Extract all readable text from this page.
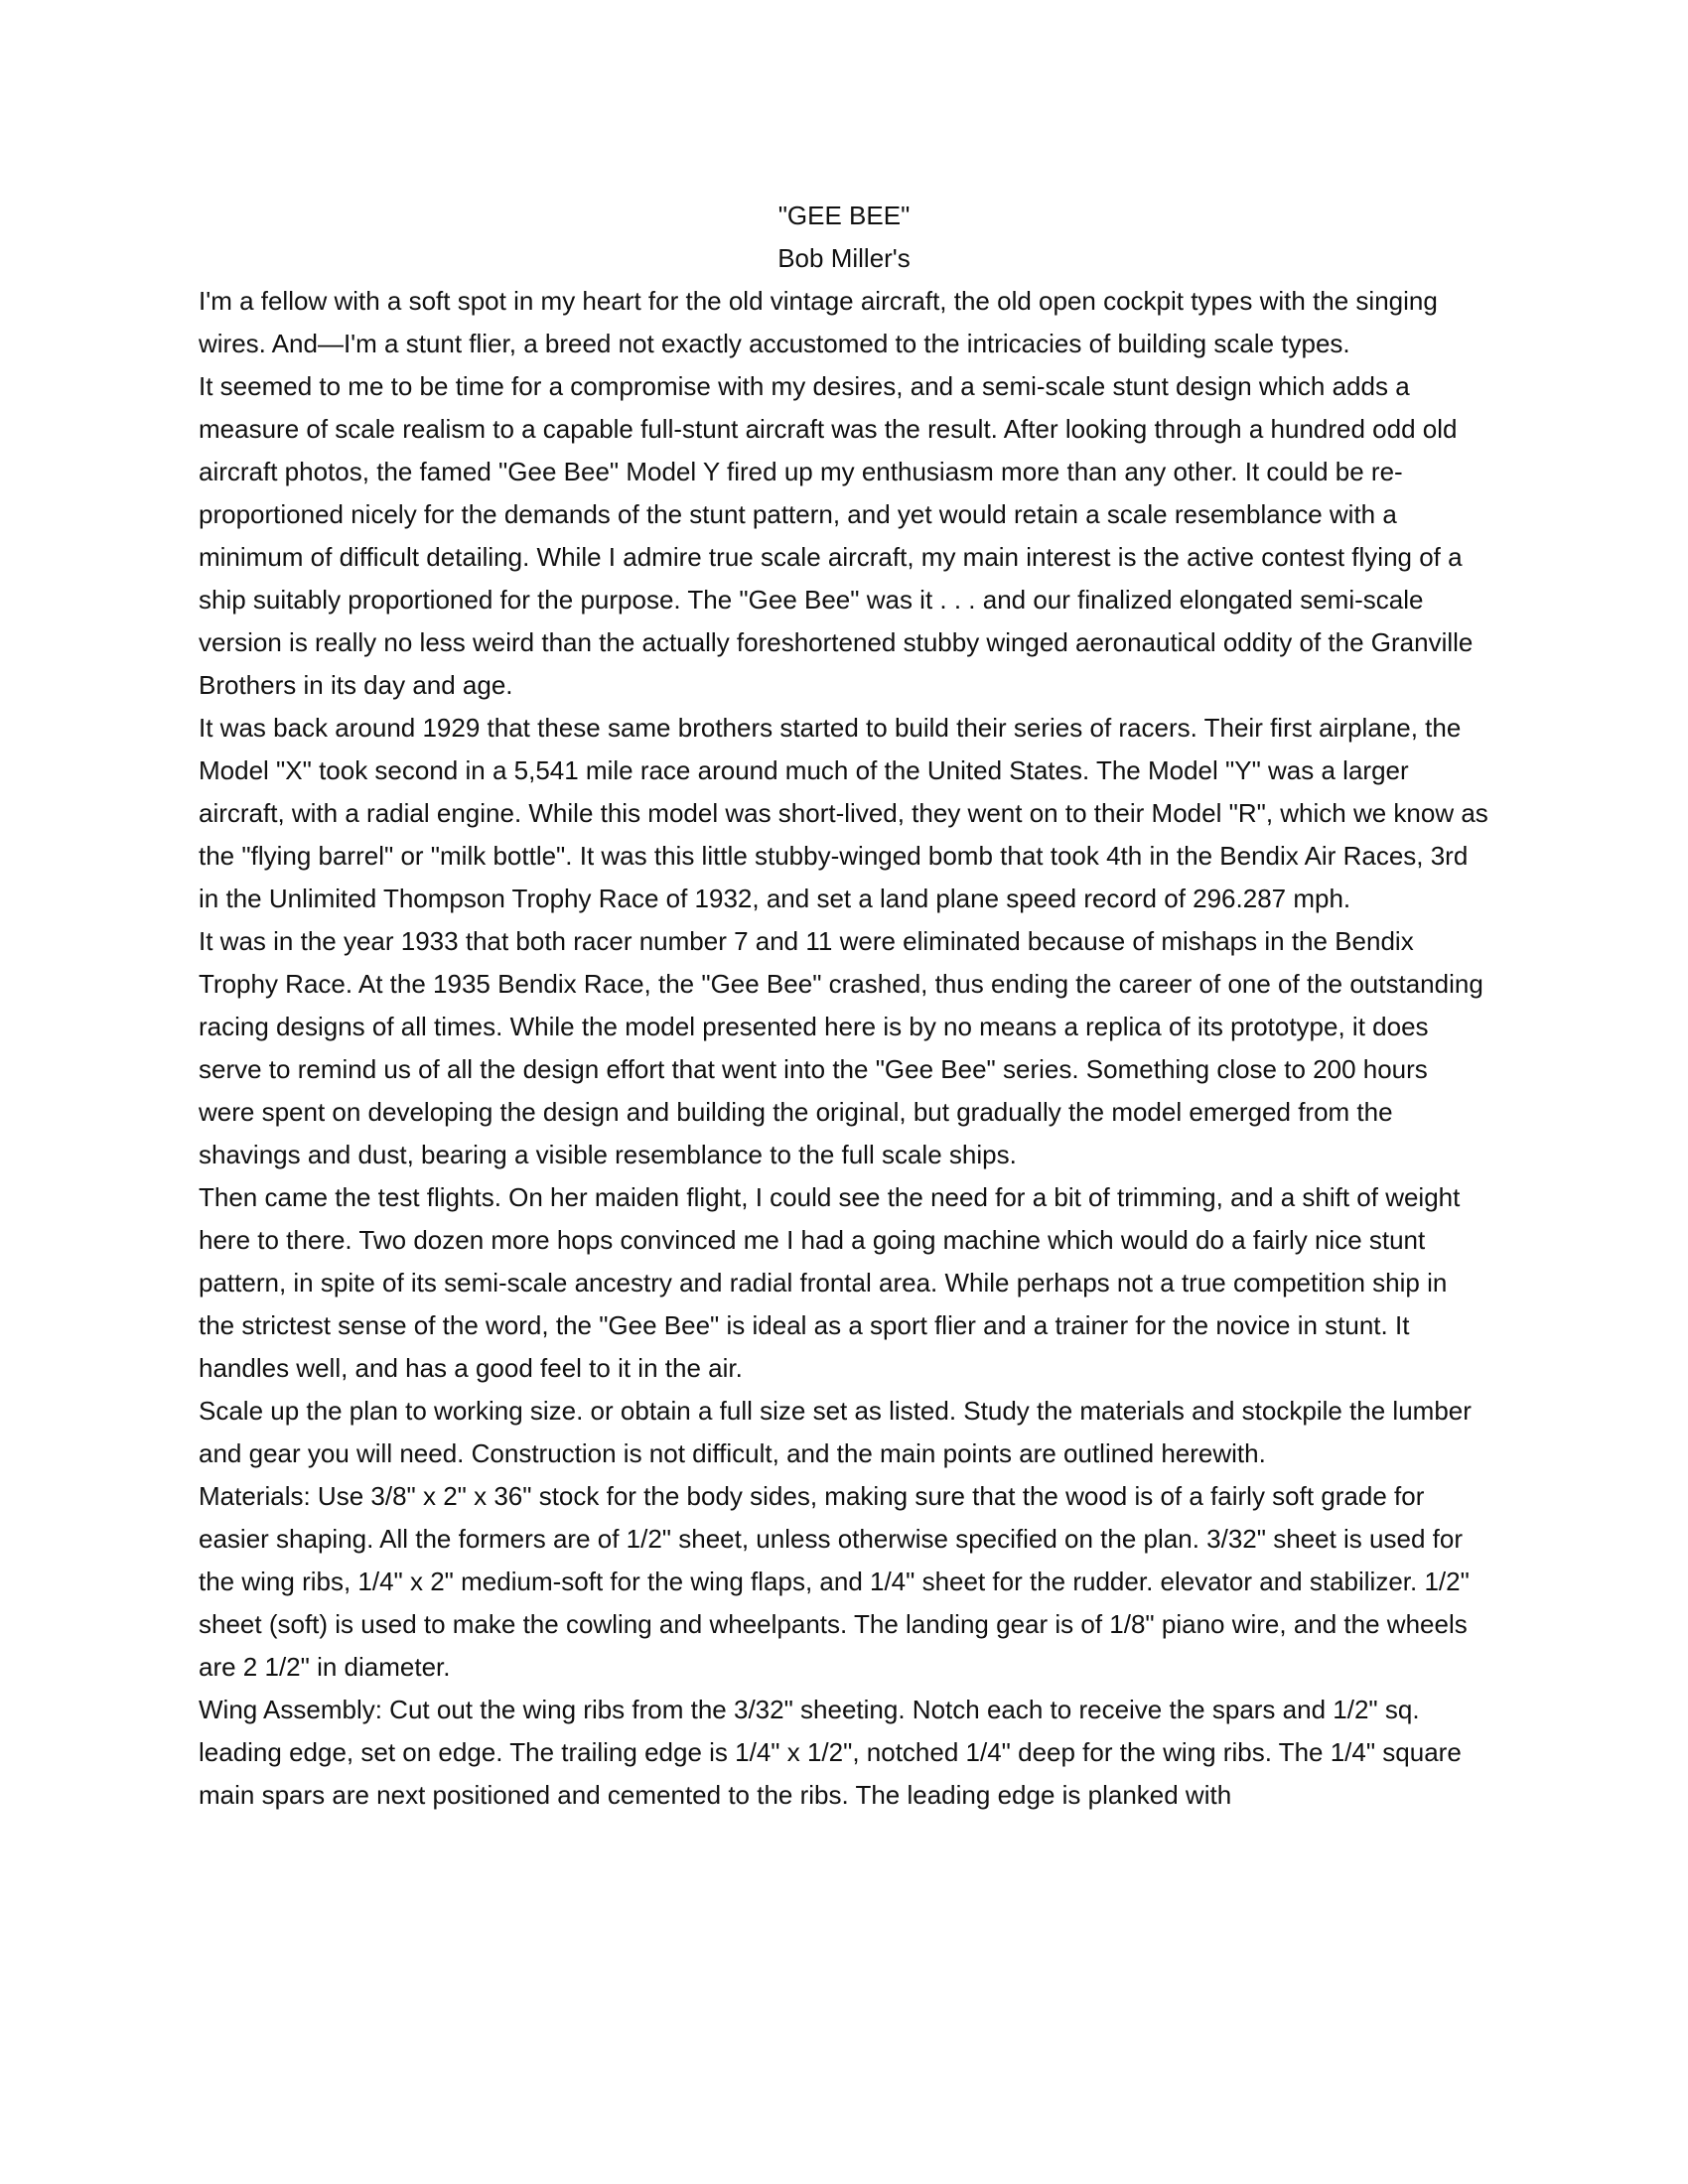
"GEE BEE"

Bob Miller's

I'm a fellow with a soft spot in my heart for the old vintage aircraft, the old open cockpit types with the singing wires. And—I'm a stunt flier, a breed not exactly accustomed to the intricacies of building scale types.

It seemed to me to be time for a compromise with my desires, and a semi-scale stunt design which adds a measure of scale realism to a capable full-stunt aircraft was the result. After looking through a hundred odd old aircraft photos, the famed "Gee Bee" Model Y fired up my enthusiasm more than any other. It could be re-proportioned nicely for the demands of the stunt pattern, and yet would retain a scale resemblance with a minimum of difficult detailing. While I admire true scale aircraft, my main interest is the active contest flying of a ship suitably proportioned for the purpose. The "Gee Bee" was it . . . and our finalized elongated semi-scale version is really no less weird than the actually foreshortened stubby winged aeronautical oddity of the Granville Brothers in its day and age.

It was back around 1929 that these same brothers started to build their series of racers. Their first airplane, the Model "X" took second in a 5,541 mile race around much of the United States. The Model "Y" was a larger aircraft, with a radial engine. While this model was short-lived, they went on to their Model "R", which we know as the "flying barrel" or "milk bottle". It was this little stubby-winged bomb that took 4th in the Bendix Air Races, 3rd in the Unlimited Thompson Trophy Race of 1932, and set a land plane speed record of 296.287 mph.

It was in the year 1933 that both racer number 7 and 11 were eliminated because of mishaps in the Bendix Trophy Race. At the 1935 Bendix Race, the "Gee Bee" crashed, thus ending the career of one of the outstanding racing designs of all times. While the model presented here is by no means a replica of its prototype, it does serve to remind us of all the design effort that went into the "Gee Bee" series. Something close to 200 hours were spent on developing the design and building the original, but gradually the model emerged from the shavings and dust, bearing a visible resemblance to the full scale ships.

Then came the test flights. On her maiden flight, I could see the need for a bit of trimming, and a shift of weight here to there. Two dozen more hops convinced me I had a going machine which would do a fairly nice stunt pattern, in spite of its semi-scale ancestry and radial frontal area. While perhaps not a true competition ship in the strictest sense of the word, the "Gee Bee" is ideal as a sport flier and a trainer for the novice in stunt. It handles well, and has a good feel to it in the air.

Scale up the plan to working size. or obtain a full size set as listed. Study the materials and stockpile the lumber and gear you will need. Construction is not difficult, and the main points are outlined herewith.

Materials: Use 3/8" x 2" x 36" stock for the body sides, making sure that the wood is of a fairly soft grade for easier shaping. All the formers are of 1/2" sheet, unless otherwise specified on the plan. 3/32" sheet is used for the wing ribs, 1/4" x 2" medium-soft for the wing flaps, and 1/4" sheet for the rudder. elevator and stabilizer. 1/2" sheet (soft) is used to make the cowling and wheelpants. The landing gear is of 1/8" piano wire, and the wheels are 2 1/2" in diameter.

Wing Assembly: Cut out the wing ribs from the 3/32" sheeting. Notch each to receive the spars and 1/2" sq. leading edge, set on edge. The trailing edge is 1/4" x 1/2", notched 1/4" deep for the wing ribs. The 1/4" square main spars are next positioned and cemented to the ribs. The leading edge is planked with
